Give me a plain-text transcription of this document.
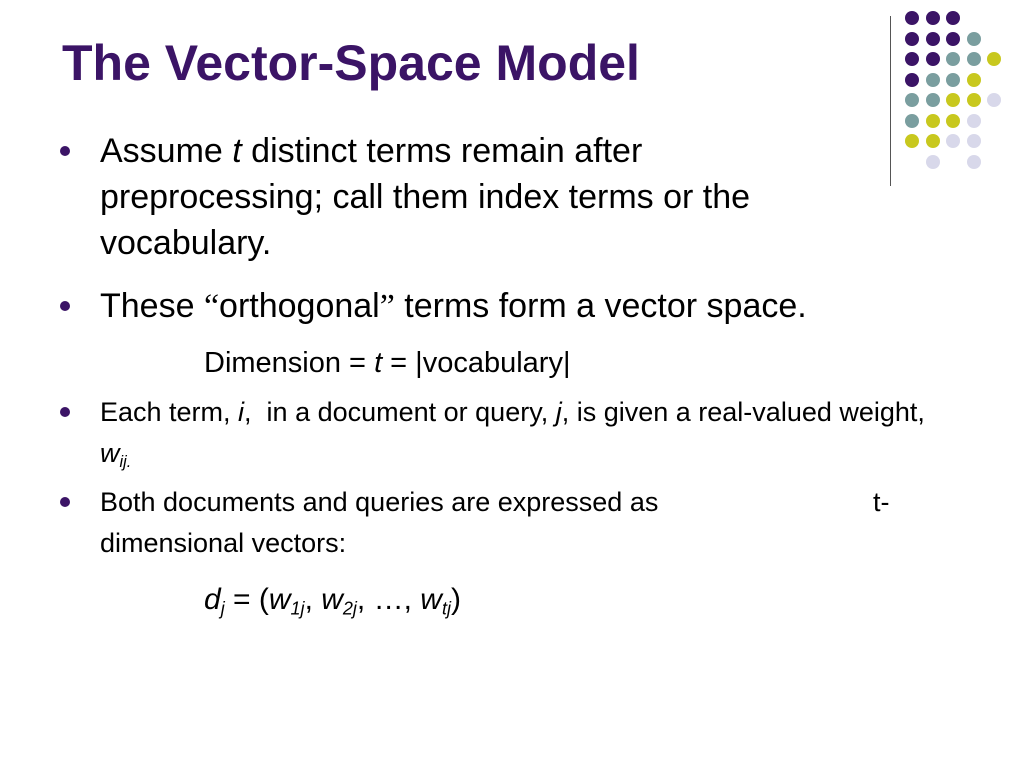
The Vector-Space Model
Assume t distinct terms remain after preprocessing; call them index terms or the vocabulary.
These “orthogonal” terms form a vector space.
Dimension = t = |vocabulary|
Each term, i,  in a document or query, j, is given a real-valued weight, $w_{ij.}$
Both documents and queries are expressed as	t-

dimensional vectors:
$d_j = (w_{1j}$, $w_{2j}$, …, $w_{tj}$)
